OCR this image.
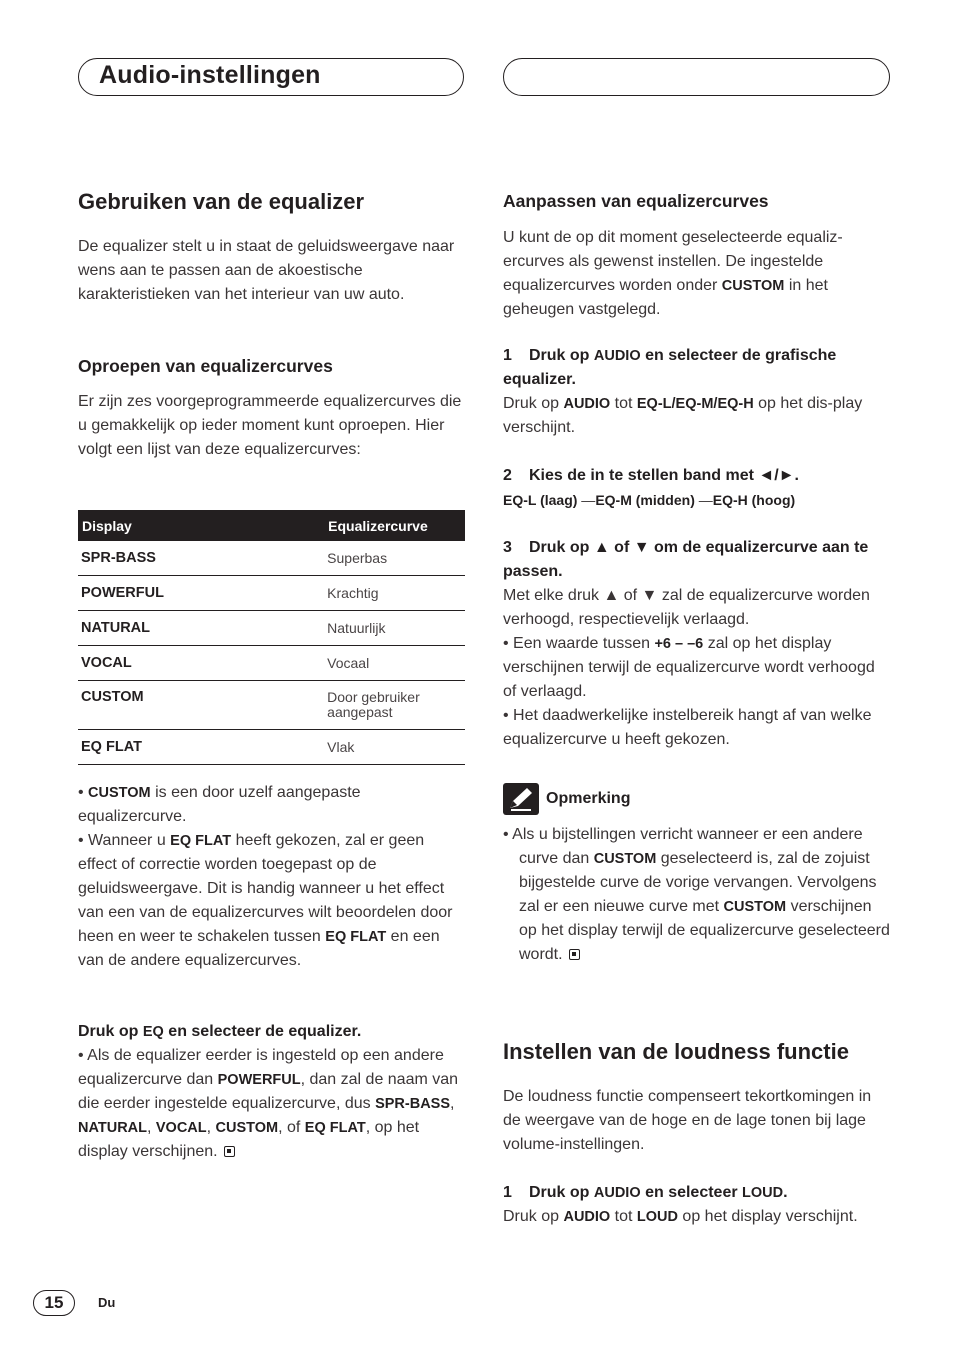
Audio-instellingen
Gebruiken van de equalizer
De equalizer stelt u in staat de geluidsweergave naar wens aan te passen aan de akoestische karakteristieken van het interieur van uw auto.
Oproepen van equalizercurves
Er zijn zes voorgeprogrammeerde equalizercurves die u gemakkelijk op ieder moment kunt oproepen. Hier volgt een lijst van deze equalizercurves:
Display	Equalizercurve
SPR-BASS	Superbas
POWERFUL	Krachtig
NATURAL	Natuurlijk
VOCAL	Vocaal
CUSTOM	Door gebruiker aangepast
EQ FLAT	Vlak
• CUSTOM is een door uzelf aangepaste equalizercurve.
• Wanneer u EQ FLAT heeft gekozen, zal er geen effect of correctie worden toegepast op de geluidsweergave. Dit is handig wanneer u het effect van een van de equalizercurves wilt beoordelen door heen en weer te schakelen tussen EQ FLAT en een van de andere equalizercurves.
Druk op EQ en selecteer de equalizer.
• Als de equalizer eerder is ingesteld op een andere equalizercurve dan POWERFUL, dan zal de naam van die eerder ingestelde equalizercurve, dus SPR-BASS, NATURAL, VOCAL, CUSTOM, of EQ FLAT, op het display verschijnen.
Aanpassen van equalizercurves
U kunt de op dit moment geselecteerde equaliz-ercurves als gewenst instellen. De ingestelde equalizercurves worden onder CUSTOM in het geheugen vastgelegd.
1 Druk op AUDIO en selecteer de grafische equalizer.
Druk op AUDIO tot EQ-L/EQ-M/EQ-H op het dis-play verschijnt.
2 Kies de in te stellen band met ◄/►.
EQ-L (laag) —EQ-M (midden) —EQ-H (hoog)
3 Druk op ▲ of ▼ om de equalizercurve aan te passen.
Met elke druk ▲ of ▼ zal de equalizercurve worden verhoogd, respectievelijk verlaagd.
• Een waarde tussen +6 – –6 zal op het display verschijnen terwijl de equalizercurve wordt verhoogd of verlaagd.
• Het daadwerkelijke instelbereik hangt af van welke equalizercurve u heeft gekozen.
Opmerking
• Als u bijstellingen verricht wanneer er een andere curve dan CUSTOM geselecteerd is, zal de zojuist bijgestelde curve de vorige vervangen. Vervolgens zal er een nieuwe curve met CUSTOM verschijnen op het display terwijl de equalizercurve geselecteerd wordt.
Instellen van de loudness functie
De loudness functie compenseert tekortkomingen in de weergave van de hoge en de lage tonen bij lage volume-instellingen.
1 Druk op AUDIO en selecteer LOUD.
Druk op AUDIO tot LOUD op het display verschijnt.
15	Du
